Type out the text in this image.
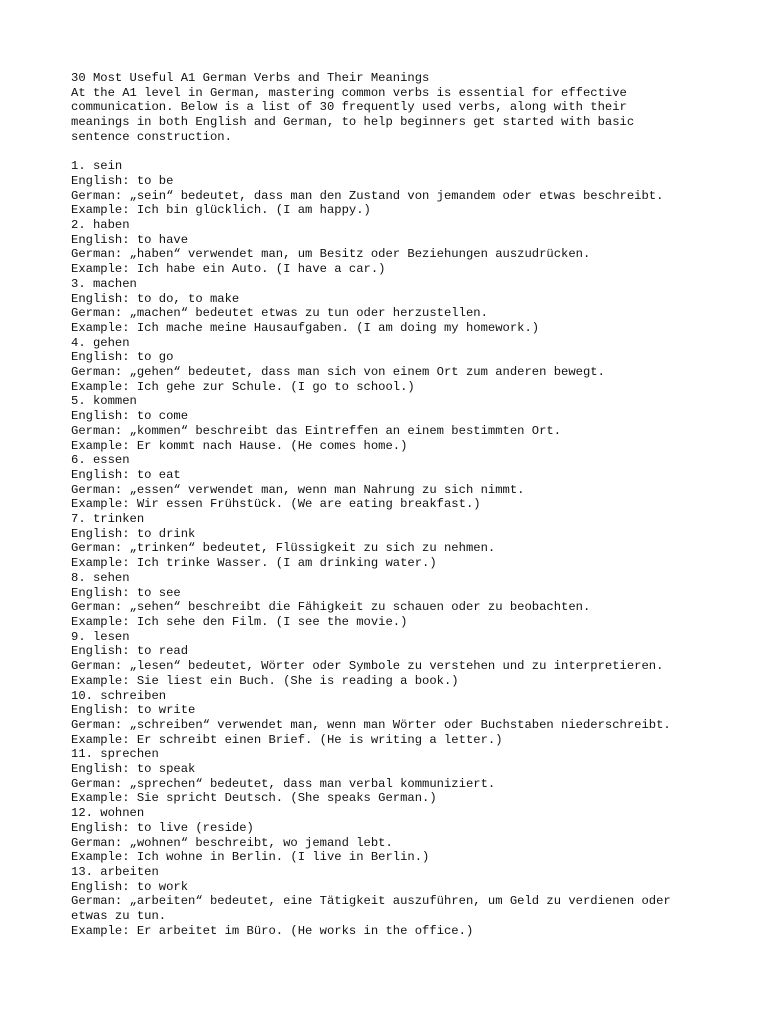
30 Most Useful A1 German Verbs and Their Meanings
At the A1 level in German, mastering common verbs is essential for effective
communication. Below is a list of 30 frequently used verbs, along with their
meanings in both English and German, to help beginners get started with basic
sentence construction.
1. sein
English: to be
German: „sein“ bedeutet, dass man den Zustand von jemandem oder etwas beschreibt.
Example: Ich bin glücklich. (I am happy.)
2. haben
English: to have
German: „haben“ verwendet man, um Besitz oder Beziehungen auszudrücken.
Example: Ich habe ein Auto. (I have a car.)
3. machen
English: to do, to make
German: „machen“ bedeutet etwas zu tun oder herzustellen.
Example: Ich mache meine Hausaufgaben. (I am doing my homework.)
4. gehen
English: to go
German: „gehen“ bedeutet, dass man sich von einem Ort zum anderen bewegt.
Example: Ich gehe zur Schule. (I go to school.)
5. kommen
English: to come
German: „kommen“ beschreibt das Eintreffen an einem bestimmten Ort.
Example: Er kommt nach Hause. (He comes home.)
6. essen
English: to eat
German: „essen“ verwendet man, wenn man Nahrung zu sich nimmt.
Example: Wir essen Frühstück. (We are eating breakfast.)
7. trinken
English: to drink
German: „trinken“ bedeutet, Flüssigkeit zu sich zu nehmen.
Example: Ich trinke Wasser. (I am drinking water.)
8. sehen
English: to see
German: „sehen“ beschreibt die Fähigkeit zu schauen oder zu beobachten.
Example: Ich sehe den Film. (I see the movie.)
9. lesen
English: to read
German: „lesen“ bedeutet, Wörter oder Symbole zu verstehen und zu interpretieren.
Example: Sie liest ein Buch. (She is reading a book.)
10. schreiben
English: to write
German: „schreiben“ verwendet man, wenn man Wörter oder Buchstaben niederschreibt.
Example: Er schreibt einen Brief. (He is writing a letter.)
11. sprechen
English: to speak
German: „sprechen“ bedeutet, dass man verbal kommuniziert.
Example: Sie spricht Deutsch. (She speaks German.)
12. wohnen
English: to live (reside)
German: „wohnen“ beschreibt, wo jemand lebt.
Example: Ich wohne in Berlin. (I live in Berlin.)
13. arbeiten
English: to work
German: „arbeiten“ bedeutet, eine Tätigkeit auszuführen, um Geld zu verdienen oder
etwas zu tun.
Example: Er arbeitet im Büro. (He works in the office.)
